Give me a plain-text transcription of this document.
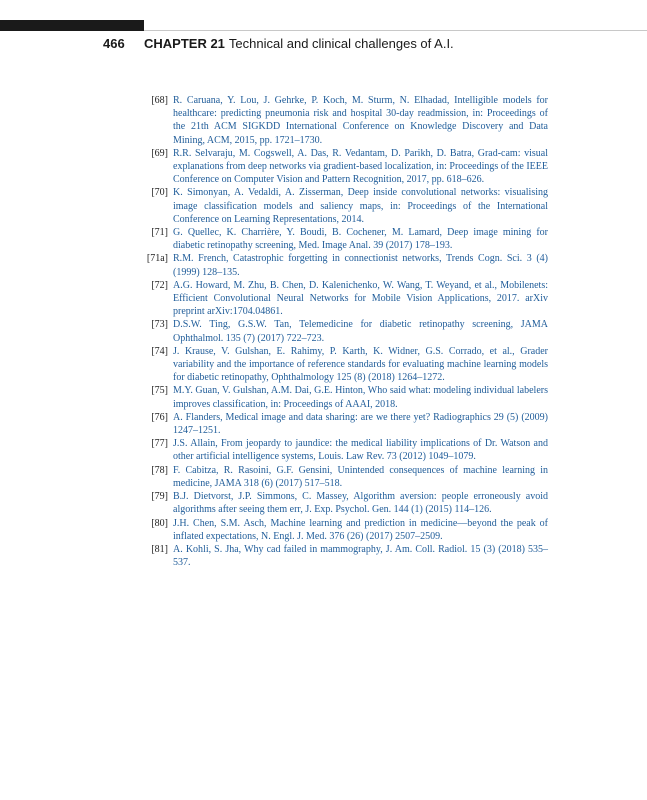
466 CHAPTER 21 Technical and clinical challenges of A.I.
[68] R. Caruana, Y. Lou, J. Gehrke, P. Koch, M. Sturm, N. Elhadad, Intelligible models for healthcare: predicting pneumonia risk and hospital 30-day readmission, in: Proceedings of the 21th ACM SIGKDD International Conference on Knowledge Discovery and Data Mining, ACM, 2015, pp. 1721–1730.
[69] R.R. Selvaraju, M. Cogswell, A. Das, R. Vedantam, D. Parikh, D. Batra, Grad-cam: visual explanations from deep networks via gradient-based localization, in: Proceedings of the IEEE Conference on Computer Vision and Pattern Recognition, 2017, pp. 618–626.
[70] K. Simonyan, A. Vedaldi, A. Zisserman, Deep inside convolutional networks: visualising image classification models and saliency maps, in: Proceedings of the International Conference on Learning Representations, 2014.
[71] G. Quellec, K. Charrière, Y. Boudi, B. Cochener, M. Lamard, Deep image mining for diabetic retinopathy screening, Med. Image Anal. 39 (2017) 178–193.
[71a] R.M. French, Catastrophic forgetting in connectionist networks, Trends Cogn. Sci. 3 (4) (1999) 128–135.
[72] A.G. Howard, M. Zhu, B. Chen, D. Kalenichenko, W. Wang, T. Weyand, et al., Mobilenets: Efficient Convolutional Neural Networks for Mobile Vision Applications, 2017. arXiv preprint arXiv:1704.04861.
[73] D.S.W. Ting, G.S.W. Tan, Telemedicine for diabetic retinopathy screening, JAMA Ophthalmol. 135 (7) (2017) 722–723.
[74] J. Krause, V. Gulshan, E. Rahimy, P. Karth, K. Widner, G.S. Corrado, et al., Grader variability and the importance of reference standards for evaluating machine learning models for diabetic retinopathy, Ophthalmology 125 (8) (2018) 1264–1272.
[75] M.Y. Guan, V. Gulshan, A.M. Dai, G.E. Hinton, Who said what: modeling individual labelers improves classification, in: Proceedings of AAAI, 2018.
[76] A. Flanders, Medical image and data sharing: are we there yet? Radiographics 29 (5) (2009) 1247–1251.
[77] J.S. Allain, From jeopardy to jaundice: the medical liability implications of Dr. Watson and other artificial intelligence systems, Louis. Law Rev. 73 (2012) 1049–1079.
[78] F. Cabitza, R. Rasoini, G.F. Gensini, Unintended consequences of machine learning in medicine, JAMA 318 (6) (2017) 517–518.
[79] B.J. Dietvorst, J.P. Simmons, C. Massey, Algorithm aversion: people erroneously avoid algorithms after seeing them err, J. Exp. Psychol. Gen. 144 (1) (2015) 114–126.
[80] J.H. Chen, S.M. Asch, Machine learning and prediction in medicine—beyond the peak of inflated expectations, N. Engl. J. Med. 376 (26) (2017) 2507–2509.
[81] A. Kohli, S. Jha, Why cad failed in mammography, J. Am. Coll. Radiol. 15 (3) (2018) 535–537.
